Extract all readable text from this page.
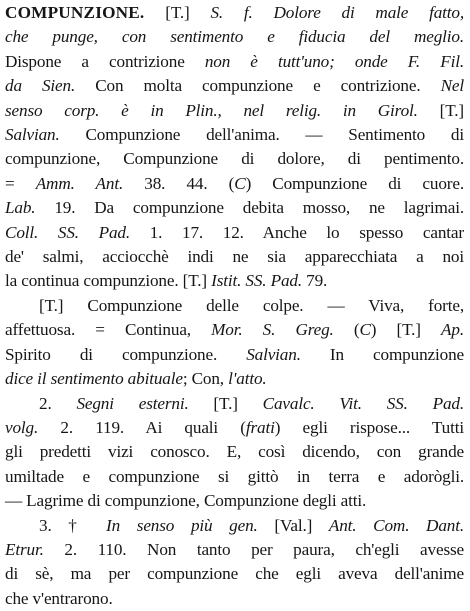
COMPUNZIONE. [T.] S. f. Dolore di male fatto,
che punge, con sentimento e fiducia del meglio.
Dispone a contrizione non è tutt'uno; onde F. Fil.
da Sien. Con molta compunzione e contrizione. Nel
senso corp. è in Plin., nel relig. in Girol. [T.]
Salvian. Compunzione dell'anima. — Sentimento di
compunzione, Compunzione di dolore, di pentimento.
= Amm. Ant. 38. 44. (C) Compunzione di cuore.
Lab. 19. Da compunzione debita mosso, ne lagrimai.
Coll. SS. Pad. 1. 17. 12. Anche lo spesso cantar
de' salmi, acciocchè indi ne sia apparecchiata a noi
la continua compunzione. [T.] Istit. SS. Pad. 79.
[T.] Compunzione delle colpe. — Viva, forte,
affettuosa. = Continua, Mor. S. Greg. (C) [T.] Ap.
Spirito di compunzione. Salvian. In compunzione
dice il sentimento abituale; Con, l'atto.
2. Segni esterni. [T.] Cavalc. Vit. SS. Pad.
volg. 2. 119. Ai quali (frati) egli rispose... Tutti
gli predetti vizi conosco. E, così dicendo, con grande
umiltade e compunzione si gittò in terra e adorògli.
— Lagrime di compunzione, Compunzione degli atti.
3. † In senso più gen. [Val.] Ant. Com. Dant.
Etrur. 2. 110. Non tanto per paura, ch'egli avesse
di sè, ma per compunzione che egli aveva dell'anime
che v'entrarono.
